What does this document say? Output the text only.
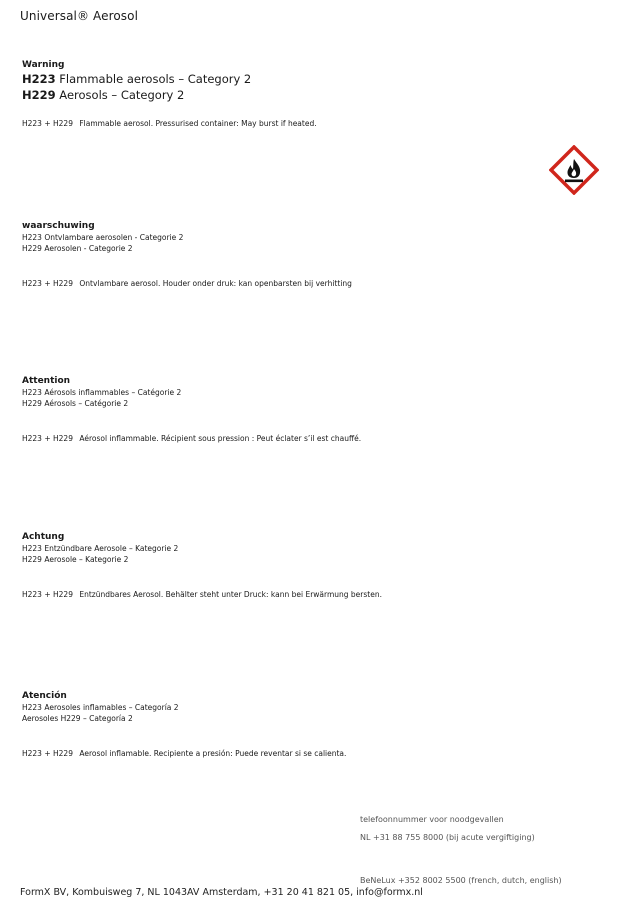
Universal® Aerosol
Warning
H223 Flammable aerosols – Category 2
H229 Aerosols – Category 2
H223 + H229 Flammable aerosol. Pressurised container: May burst if heated.
waarschuwing
H223 Ontvlambare aerosolen - Categorie 2
H229 Aerosolen - Categorie 2
H223 + H229 Ontvlambare aerosol. Houder onder druk: kan openbarsten bij verhitting
Attention
H223 Aérosols inflammables – Catégorie 2
H229 Aérosols – Catégorie 2
H223 + H229 Aérosol inflammable. Récipient sous pression : Peut éclater s’il est chauffé.
Achtung
H223 Entzündbare Aerosole – Kategorie 2
H229 Aerosole – Kategorie 2
H223 + H229 Entzündbares Aerosol. Behälter steht unter Druck: kann bei Erwärmung bersten.
Atención
H223 Aerosoles inflamables – Categoría 2
Aerosoles H229 – Categoría 2
H223 + H229 Aerosol inflamable. Recipiente a presión: Puede reventar si se calienta.
telefoonnummer voor noodgevallen
NL +31 88 755 8000 (bij acute vergiftiging)
BeNeLux +352 8002 5500 (french, dutch, english)
FormX BV, Kombuisweg 7, NL 1043AV Amsterdam, +31 20 41 821 05, info@formx.nl
